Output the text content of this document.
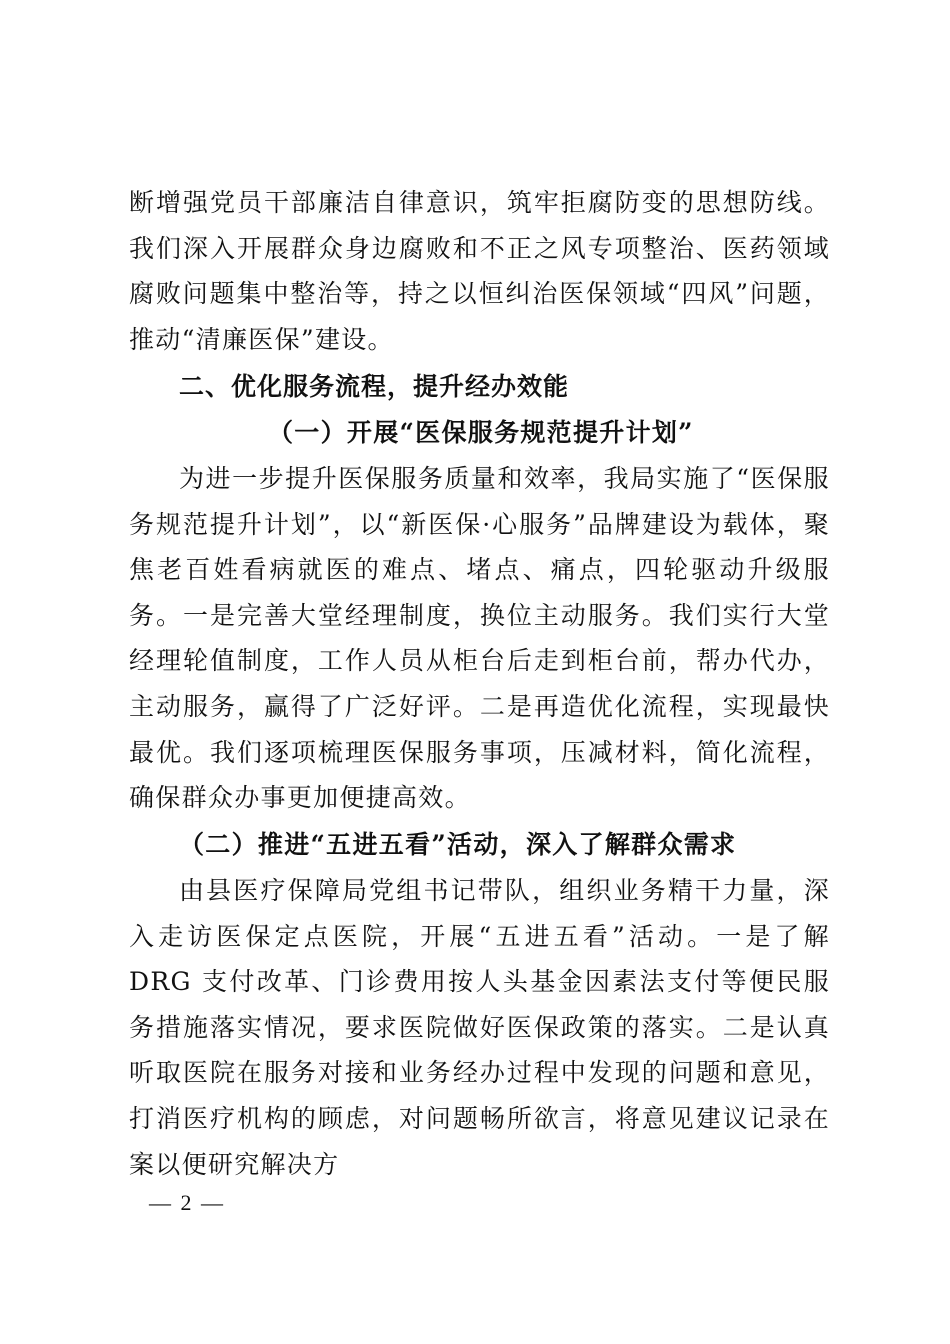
断增强党员干部廉洁自律意识，筑牢拒腐防变的思想防线。我们深入开展群众身边腐败和不正之风专项整治、医药领域腐败问题集中整治等，持之以恒纠治医保领域“四风”问题，推动“清廉医保”建设。

二、优化服务流程，提升经办效能

（一）开展“医保服务规范提升计划”

为进一步提升医保服务质量和效率，我局实施了“医保服务规范提升计划”，以“新医保·心服务”品牌建设为载体，聚焦老百姓看病就医的难点、堵点、痛点，四轮驱动升级服务。一是完善大堂经理制度，换位主动服务。我们实行大堂经理轮值制度，工作人员从柜台后走到柜台前，帮办代办，主动服务，赢得了广泛好评。二是再造优化流程，实现最快最优。我们逐项梳理医保服务事项，压减材料，简化流程，确保群众办事更加便捷高效。

（二）推进“五进五看”活动，深入了解群众需求

由县医疗保障局党组书记带队，组织业务精干力量，深入走访医保定点医院，开展“五进五看”活动。一是了解 DRG 支付改革、门诊费用按人头基金因素法支付等便民服务措施落实情况，要求医院做好医保政策的落实。二是认真听取医院在服务对接和业务经办过程中发现的问题和意见，打消医疗机构的顾虑，对问题畅所欲言，将意见建议记录在案以便研究解决方

— 2 —
